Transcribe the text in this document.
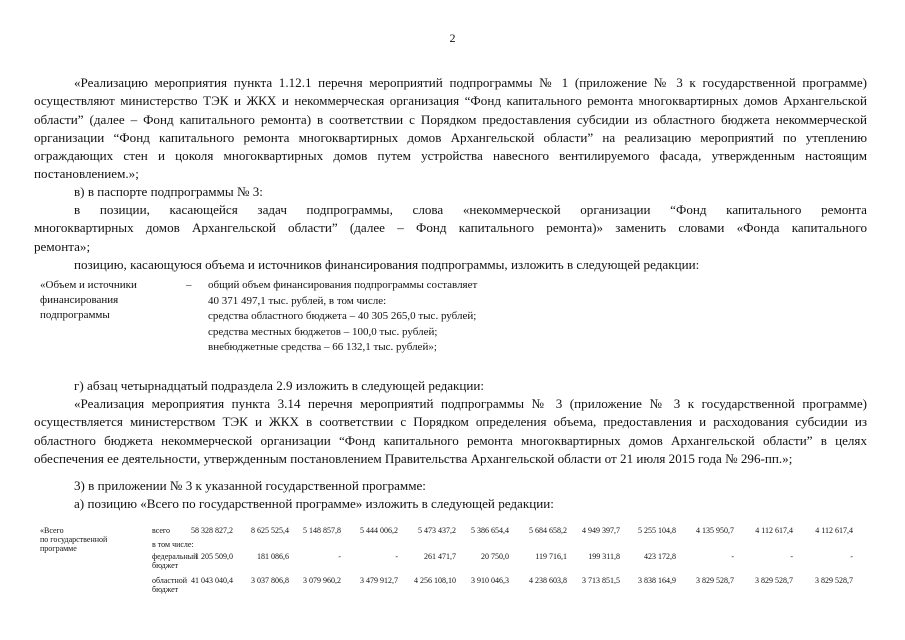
2

«Реализацию мероприятия пункта 1.12.1 перечня мероприятий подпрограммы № 1 (приложение № 3 к государственной программе) осуществляют министерство ТЭК и ЖКХ и некоммерческая организация “Фонд капитального ремонта многоквартирных домов Архангельской области” (далее – Фонд капитального ремонта) в соответствии с Порядком предоставления субсидии из областного бюджета некоммерческой организации “Фонд капитального ремонта многоквартирных домов Архангельской области” на реализацию мероприятий по утеплению ограждающих стен и цоколя многоквартирных домов путем устройства навесного вентилируемого фасада, утвержденным настоящим постановлением.»;

в) в паспорте подпрограммы № 3:

в позиции, касающейся задач подпрограммы, слова «некоммерческой организации “Фонд капитального ремонта многоквартирных домов Архангельской области” (далее – Фонд капитального ремонта)» заменить словами «Фонда капитального ремонта»;

позицию, касающуюся объема и источников финансирования подпрограммы, изложить в следующей редакции:

«Объем и источники
финансирования
подпрограммы
– общий объем финансирования подпрограммы составляет
40 371 497,1 тыс. рублей, в том числе:
средства областного бюджета – 40 305 265,0 тыс. рублей;
средства местных бюджетов – 100,0 тыс. рублей;
внебюджетные средства – 66 132,1 тыс. рублей»;

г) абзац четырнадцатый подраздела 2.9 изложить в следующей редакции:

«Реализация мероприятия пункта 3.14 перечня мероприятий подпрограммы № 3 (приложение № 3 к государственной программе) осуществляется министерством ТЭК и ЖКХ в соответствии с Порядком определения объема, предоставления и расходования субсидии из областного бюджета некоммерческой организации “Фонд капитального ремонта многоквартирных домов Архангельской области” в целях обеспечения ее деятельности, утвержденным постановлением Правительства Архангельской области от 21 июля 2015 года № 296-пп.»;

3) в приложении № 3 к указанной государственной программе:

а) позицию «Всего по государственной программе» изложить в следующей редакции:

«Всего
по государственной
программе
всего	58 328 827,2	8 625 525,4	5 148 857,8	5 444 006,2	5 473 437,2	5 386 654,4	5 684 658,2	4 949 397,7	5 255 104,8	4 135 950,7	4 112 617,4	4 112 617,4
в том числе:
федеральный
бюджет
1 205 509,0	181 086,6	-	-	261 471,7	20 750,0	119 716,1	199 311,8	423 172,8	-	-	-
областной
бюджет
41 043 040,4	3 037 806,8	3 079 960,2	3 479 912,7	4 256 108,10	3 910 046,3	4 238 603,8	3 713 851,5	3 838 164,9	3 829 528,7	3 829 528,7	3 829 528,7
